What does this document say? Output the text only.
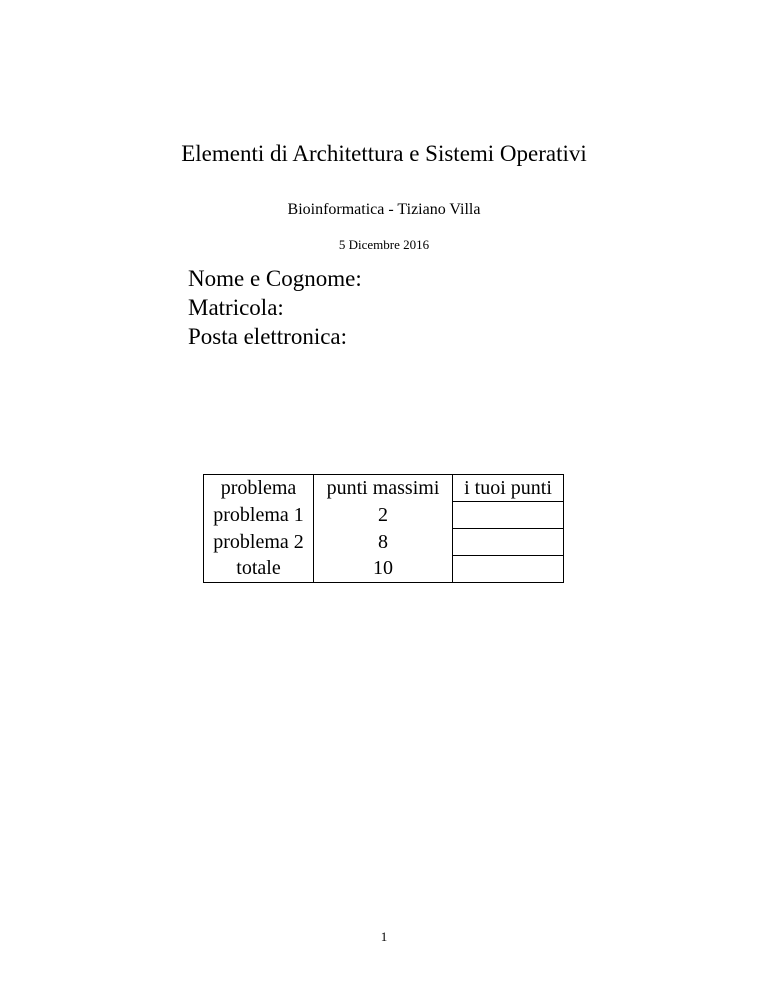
Elementi di Architettura e Sistemi Operativi
Bioinformatica - Tiziano Villa
5 Dicembre 2016
Nome e Cognome:
Matricola:
Posta elettronica:
problema	punti massimi	i tuoi punti
problema 1	2	
problema 2	8	
totale	10	
1
